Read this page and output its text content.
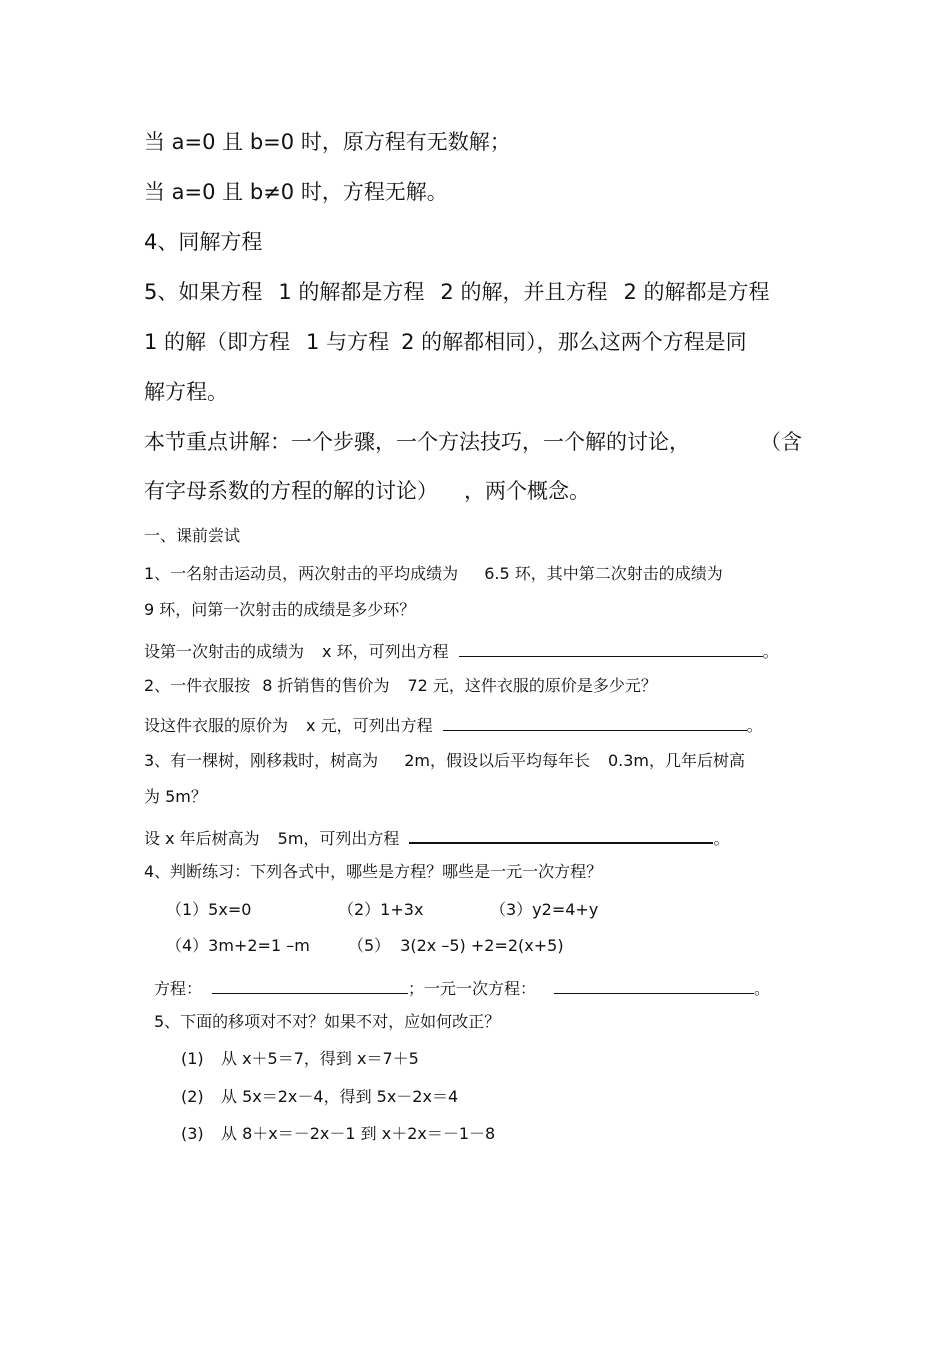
当 a=0 且 b=0 时，原方程有无数解；
当 a=0 且 b≠0 时，方程无解。
4、同解方程
5、如果方程 1 的解都是方程 2 的解，并且方程 2 的解都是方程
1 的解（即方程 1 与方程 2 的解都相同），那么这两个方程是同
解方程。
本节重点讲解：一个步骤，一个方法技巧，一个解的讨论，	（含
有字母系数的方程的解的讨论） ，两个概念。
一、课前尝试
1、一名射击运动员，两次射击的平均成绩为 6.5 环，其中第二次射击的成绩为
9 环，问第一次射击的成绩是多少环？
设第一次射击的成绩为 x 环，可列出方程	。
2、一件衣服按 8 折销售的售价为 72 元，这件衣服的原价是多少元？
设这件衣服的原价为 x 元，可列出方程	。
3、有一棵树，刚移栽时，树高为 2m，假设以后平均每年长 0.3m，几年后树高
为 5m？
设 x 年后树高为 5m，可列出方程	。
4、判断练习：下列各式中，哪些是方程？哪些是一元一次方程？
（1）5x=0	（2）1+3x	（3）y2=4+y
（4）3m+2=1 –m （5） 3(2x –5) +2=2(x+5)
方程：	；一元一次方程：	。
5、下面的移项对不对？如果不对，应如何改正？
(1) 从 x＋5＝7，得到 x＝7＋5
(2) 从 5x＝2x－4，得到 5x－2x＝4
(3) 从 8＋x＝－2x－1 到 x＋2x＝－1－8
